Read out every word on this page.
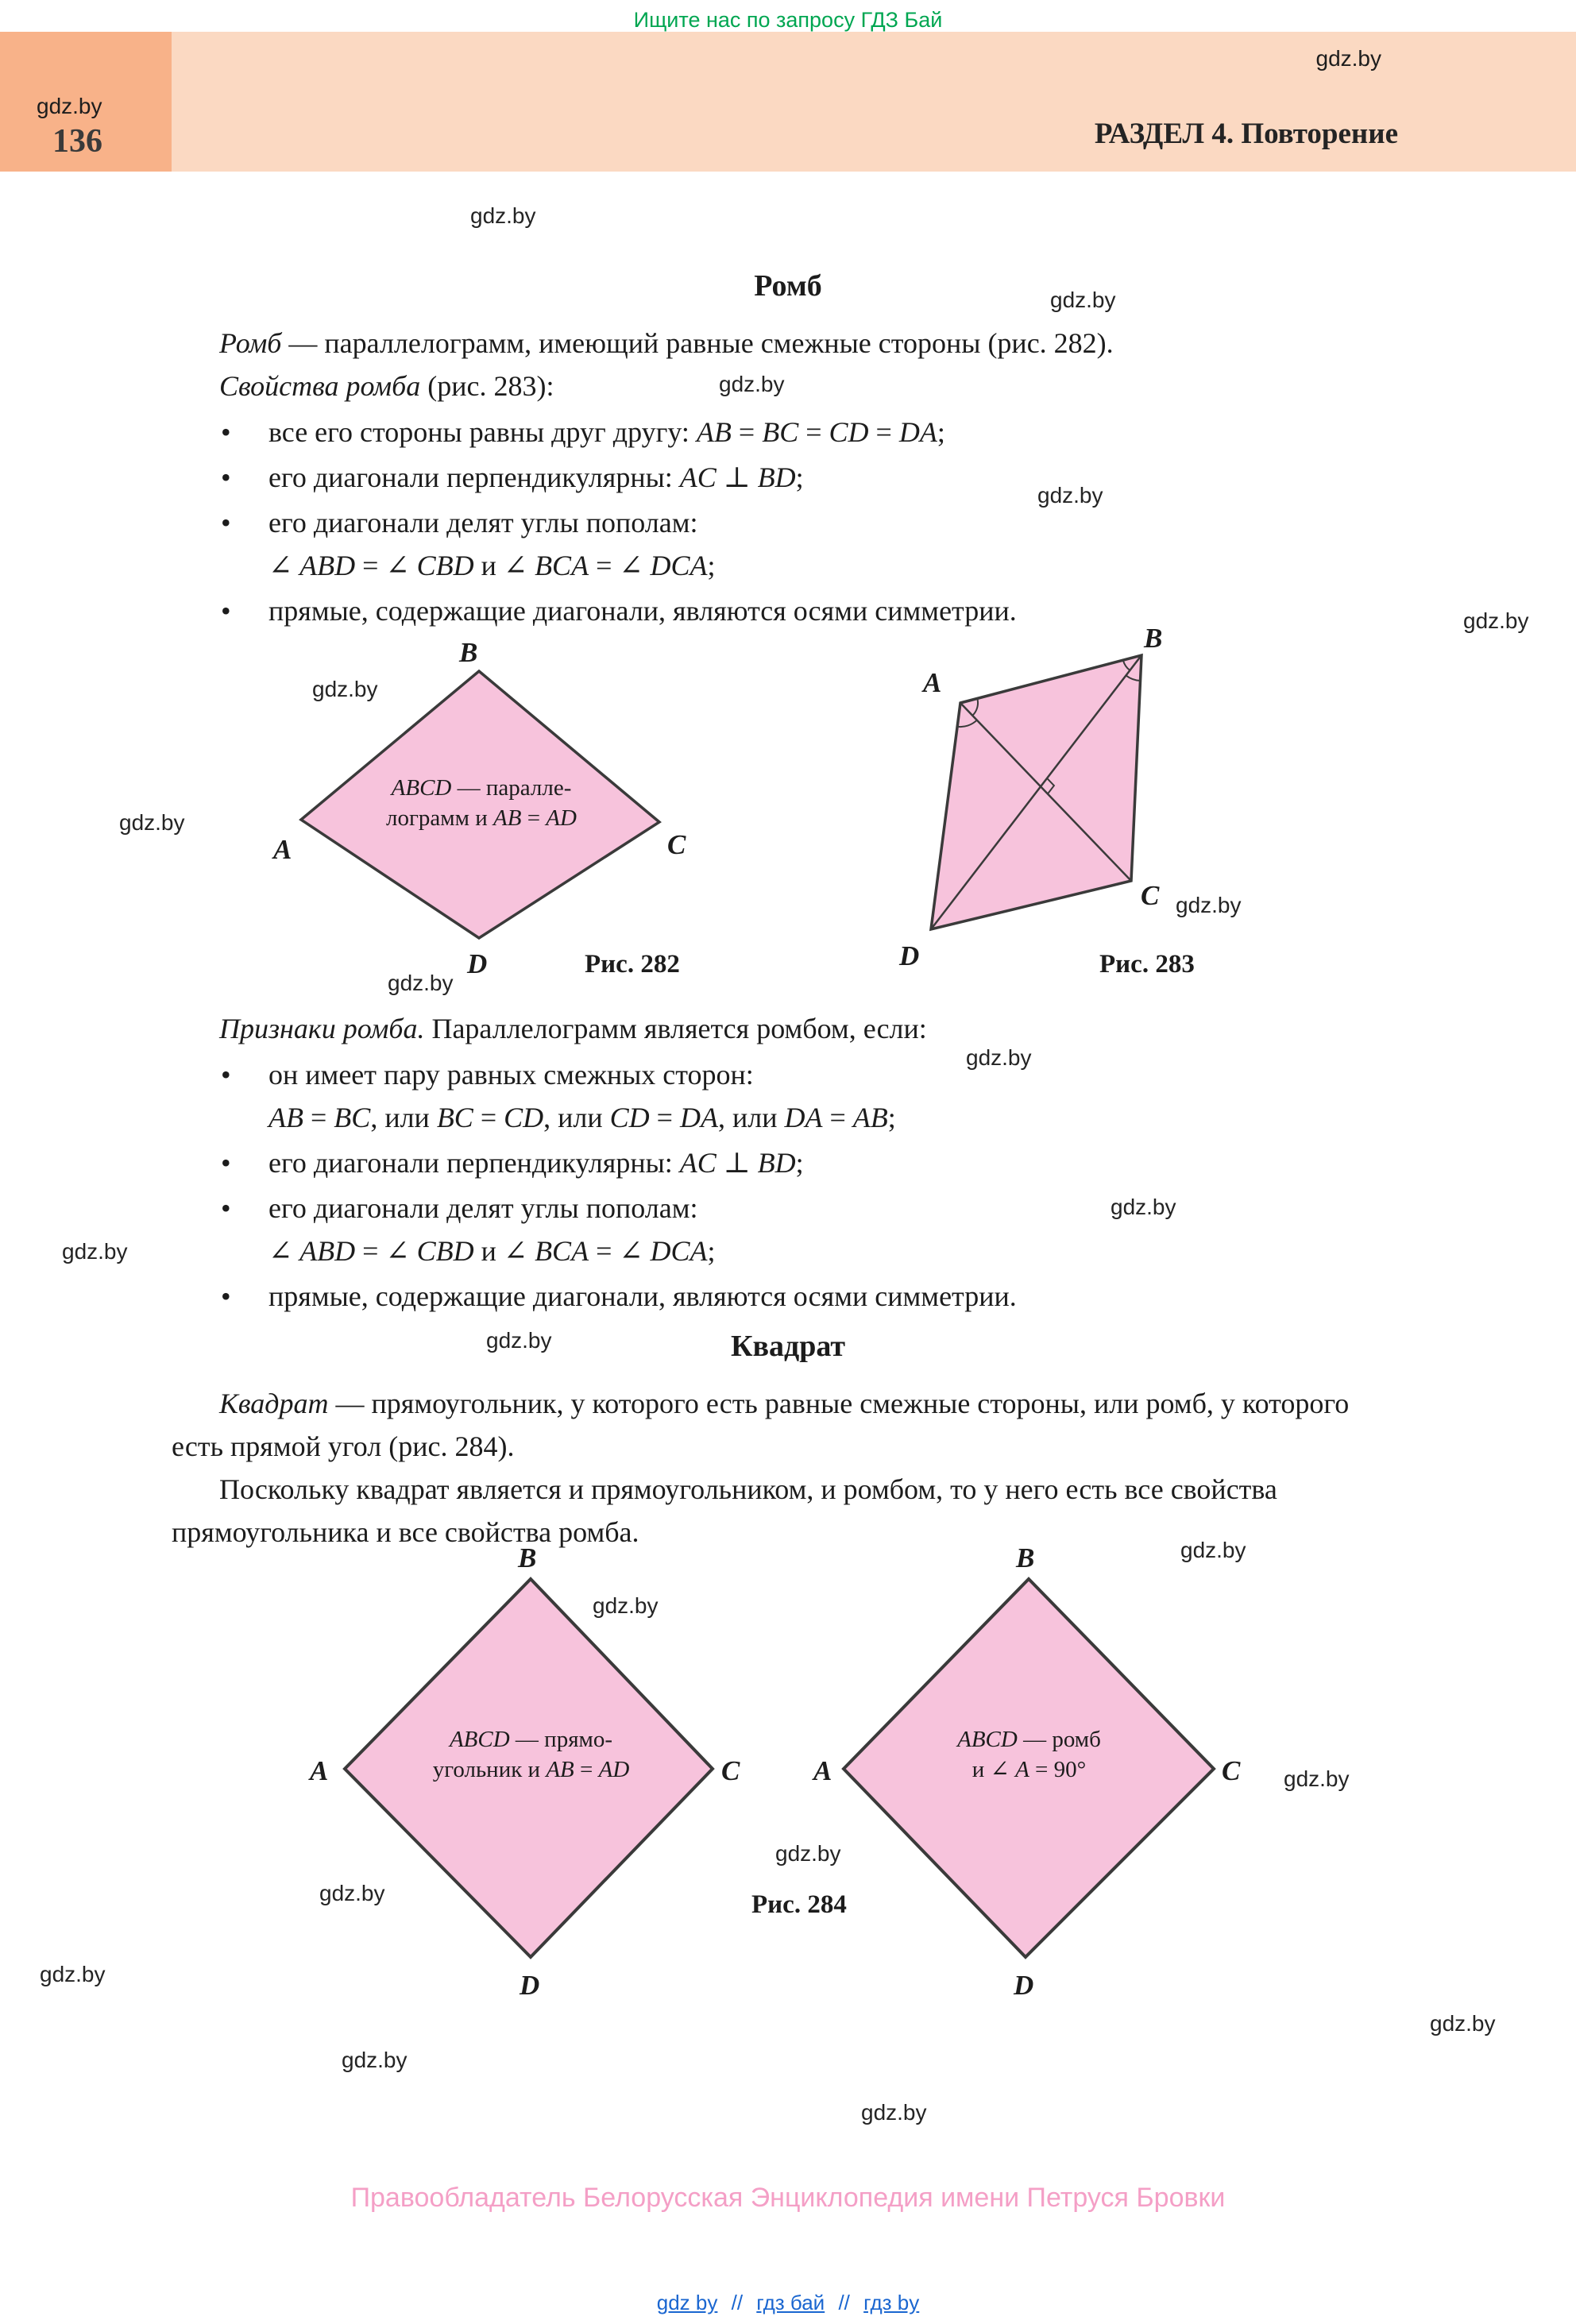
Ищите нас по запросу ГДЗ Бай
gdz.by
РАЗДЕЛ 4. Повторение
gdz.by
136
Ромб

Ромб — параллелограмм, имеющий равные смежные стороны (рис. 282).

Свойства ромба (рис. 283):

•	все его стороны равны друг другу: AB = BC = CD = DA;
•	его диагонали перпендикулярны: AC ⊥ BD;
•	его диагонали делят углы пополам:
∠ ABD = ∠ CBD и ∠ BCA = ∠ DCA;
•	прямые, содержащие диагонали, являются осями симметрии.
B
A	C
D
ABCD — паралле-
лограмм и AB = AD
Рис. 282
A
B
C
D	Рис. 283

Признаки ромба. Параллелограмм является ромбом, если:

•	он имеет пару равных смежных сторон:
AB = BC, или BC = CD, или CD = DA, или DA = AB;
•	его диагонали перпендикулярны: AC ⊥ BD;
•	его диагонали делят углы пополам:
∠ ABD = ∠ CBD и ∠ BCA = ∠ DCA;
•	прямые, содержащие диагонали, являются осями симметрии.
Квадрат

Квадрат — прямоугольник, у которого есть равные смежные стороны, или ромб, у которого есть прямой угол (рис. 284).

Поскольку квадрат является и прямоугольником, и ромбом, то у него есть все свойства прямоугольника и все свойства ромба.

B
A	C
D
ABCD — прямо-
угольник и AB = AD
B
A	C
D
ABCD — ромб
и ∠ A = 90°
Рис. 284
Правообладатель Белорусская Энциклопедия имени Петруся Бровки
gdz by // гдз бай // гдз by
gdz.by
gdz.by
gdz.by
gdz.by
gdz.by
gdz.by
gdz.by
gdz.by
gdz.by
gdz.by
gdz.by
gdz.by
gdz.by
gdz.by
gdz.by
gdz.by
gdz.by
gdz.by
gdz.by
gdz.by
gdz.by
gdz.by
